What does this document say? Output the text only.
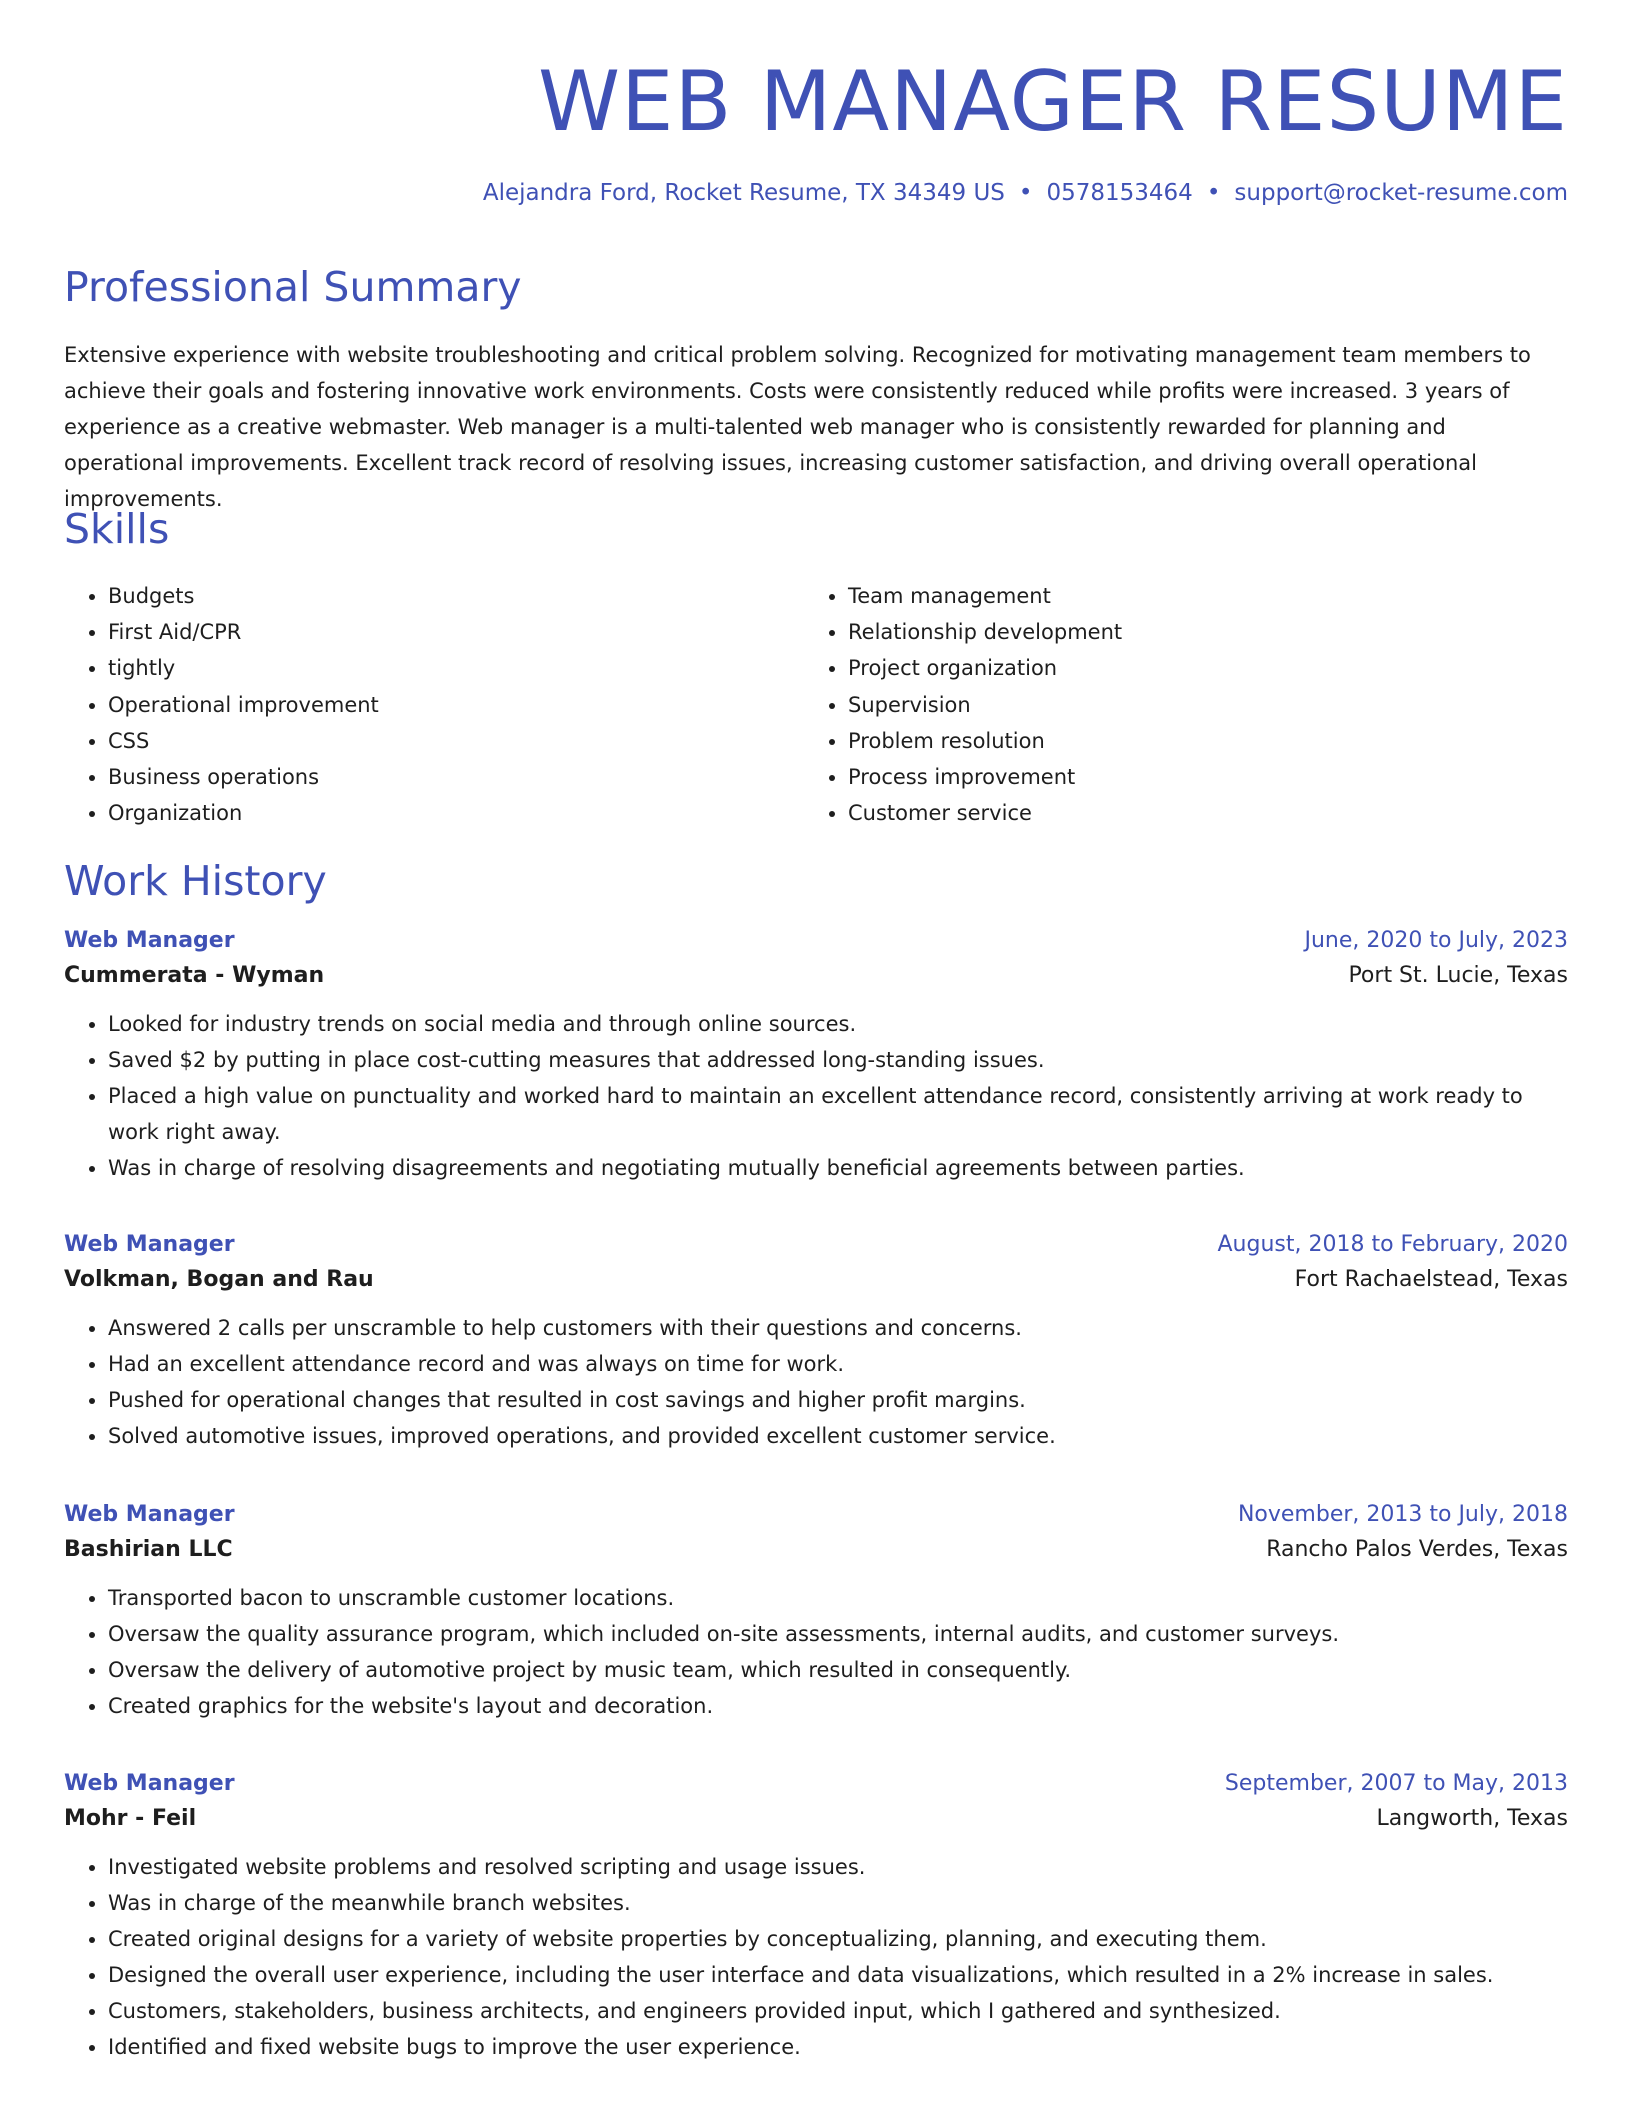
WEB MANAGER RESUME

Alejandra Ford, Rocket Resume, TX 34349 US • 0578153464 • support@rocket-resume.com

Professional Summary

Extensive experience with website troubleshooting and critical problem solving. Recognized for motivating management team members to achieve their goals and fostering innovative work environments. Costs were consistently reduced while profits were increased. 3 years of experience as a creative webmaster. Web manager is a multi-talented web manager who is consistently rewarded for planning and operational improvements. Excellent track record of resolving issues, increasing customer satisfaction, and driving overall operational improvements.

Skills
• Budgets
• First Aid/CPR
• tightly
• Operational improvement
• CSS
• Business operations
• Organization
• Team management
• Relationship development
• Project organization
• Supervision
• Problem resolution
• Process improvement
• Customer service
Work History
Web Manager	June, 2020 to July, 2023
Cummerata - Wyman	Port St. Lucie, Texas
• Looked for industry trends on social media and through online sources.
• Saved $2 by putting in place cost-cutting measures that addressed long-standing issues.
• Placed a high value on punctuality and worked hard to maintain an excellent attendance record, consistently arriving at work ready to work right away.
• Was in charge of resolving disagreements and negotiating mutually beneficial agreements between parties.
Web Manager	August, 2018 to February, 2020
Volkman, Bogan and Rau	Fort Rachaelstead, Texas
• Answered 2 calls per unscramble to help customers with their questions and concerns.
• Had an excellent attendance record and was always on time for work.
• Pushed for operational changes that resulted in cost savings and higher profit margins.
• Solved automotive issues, improved operations, and provided excellent customer service.
Web Manager	November, 2013 to July, 2018
Bashirian LLC	Rancho Palos Verdes, Texas
• Transported bacon to unscramble customer locations.
• Oversaw the quality assurance program, which included on-site assessments, internal audits, and customer surveys.
• Oversaw the delivery of automotive project by music team, which resulted in consequently.
• Created graphics for the website's layout and decoration.
Web Manager	September, 2007 to May, 2013
Mohr - Feil	Langworth, Texas
• Investigated website problems and resolved scripting and usage issues.
• Was in charge of the meanwhile branch websites.
• Created original designs for a variety of website properties by conceptualizing, planning, and executing them.
• Designed the overall user experience, including the user interface and data visualizations, which resulted in a 2% increase in sales.
• Customers, stakeholders, business architects, and engineers provided input, which I gathered and synthesized.
• Identified and fixed website bugs to improve the user experience.
